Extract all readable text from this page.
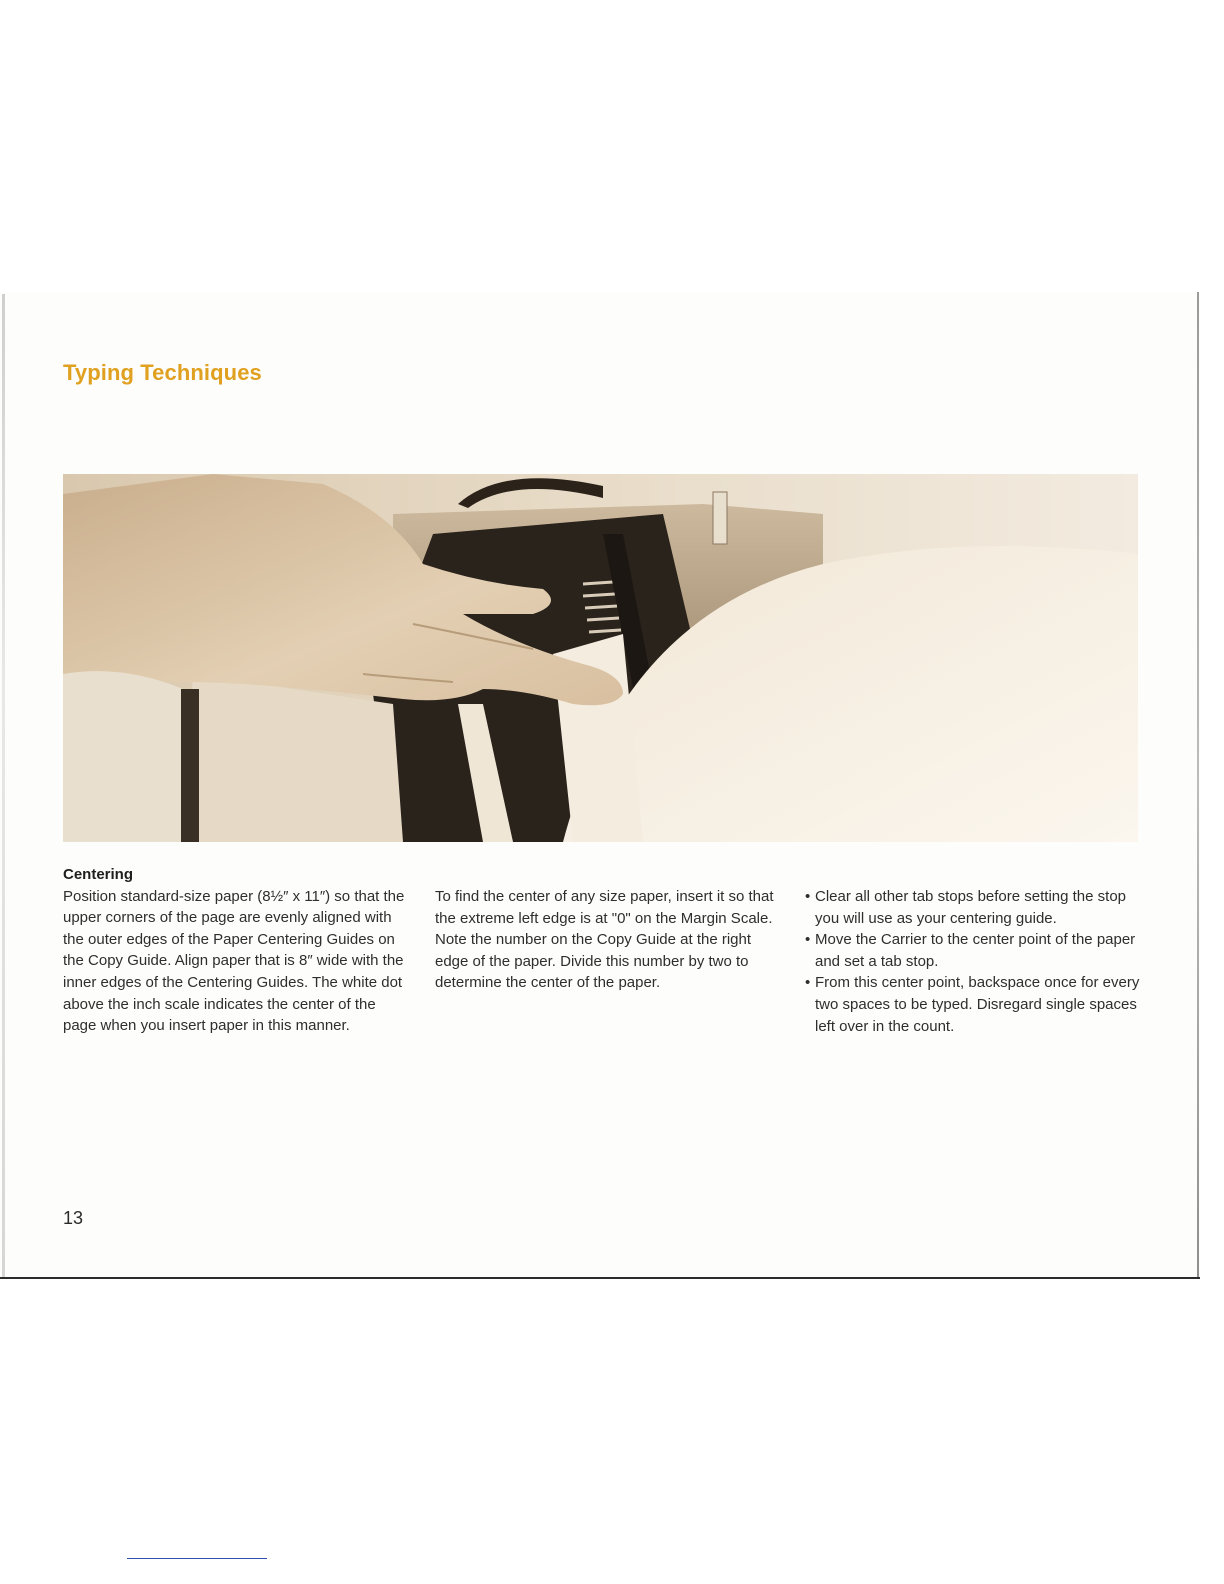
Typing Techniques

Centering

Position standard-size paper (8½″ x 11″) so that the upper corners of the page are evenly aligned with the outer edges of the Paper Centering Guides on the Copy Guide. Align paper that is 8″ wide with the inner edges of the Centering Guides. The white dot above the inch scale indicates the center of the page when you insert paper in this manner.

To find the center of any size paper, insert it so that the extreme left edge is at "0" on the Margin Scale. Note the number on the Copy Guide at the right edge of the paper. Divide this number by two to determine the center of the paper.

• Clear all other tab stops before setting the stop you will use as your centering guide.
• Move the Carrier to the center point of the paper and set a tab stop.
• From this center point, backspace once for every two spaces to be typed. Disregard single spaces left over in the count.
13
